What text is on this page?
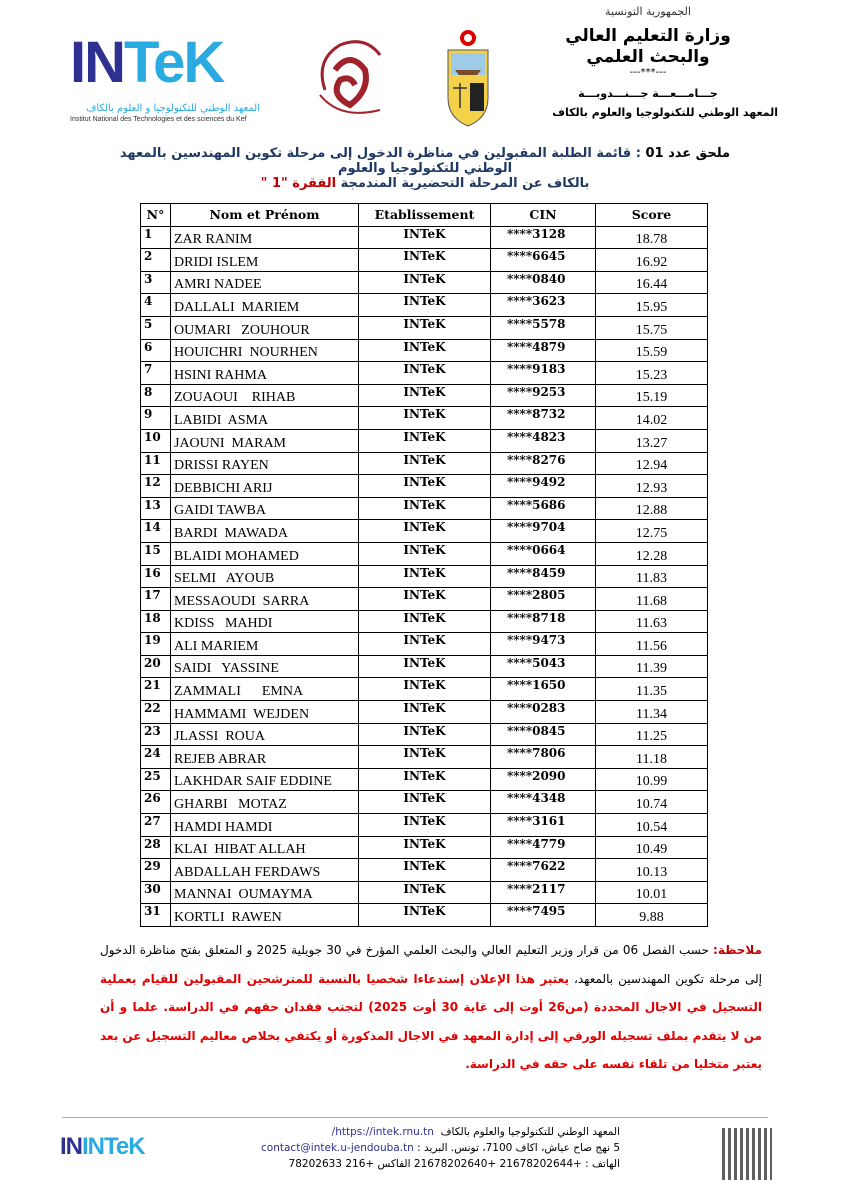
IN TeK
المعهد الوطني للتكنولوجيا و العلوم بالكاف
Institut National des Technologies et des sciences du Kef
الجمهورية التونسية
وزارة التعليم العالي
والبحث العلمي
---***---
جـــامـــعـــة جـــنـــدوبـــة
المعهد الوطني للتكنولوجيا والعلوم بالكاف
ملحق عدد 01 : قائمة الطلبة المقبولين في مناظرة الدخول إلى مرحلة تكوين المهندسين بالمعهد الوطني للتكنولوجيا والعلوم
بالكاف عن المرحلة التحضيرية المندمجة الفقرة "1 "
N°	Nom et Prénom	Etablissement	CIN	Score
1	ZAR RANIM	INTeK	****3128	18.78
2	DRIDI ISLEM	INTeK	****6645	16.92
3	AMRI NADEE	INTeK	****0840	16.44
4	DALLALI  MARIEM	INTeK	****3623	15.95
5	OUMARI   ZOUHOUR	INTeK	****5578	15.75
6	HOUICHRI  NOURHEN	INTeK	****4879	15.59
7	HSINI RAHMA	INTeK	****9183	15.23
8	ZOUAOUI    RIHAB	INTeK	****9253	15.19
9	LABIDI  ASMA	INTeK	****8732	14.02
10	JAOUNI  MARAM	INTeK	****4823	13.27
11	DRISSI RAYEN	INTeK	****8276	12.94
12	DEBBICHI ARIJ	INTeK	****9492	12.93
13	GAIDI TAWBA	INTeK	****5686	12.88
14	BARDI  MAWADA	INTeK	****9704	12.75
15	BLAIDI MOHAMED	INTeK	****0664	12.28
16	SELMI   AYOUB	INTeK	****8459	11.83
17	MESSAOUDI  SARRA	INTeK	****2805	11.68
18	KDISS   MAHDI	INTeK	****8718	11.63
19	ALI MARIEM	INTeK	****9473	11.56
20	SAIDI   YASSINE	INTeK	****5043	11.39
21	ZAMMALI      EMNA	INTeK	****1650	11.35
22	HAMMAMI  WEJDEN	INTeK	****0283	11.34
23	JLASSI  ROUA	INTeK	****0845	11.25
24	REJEB ABRAR	INTeK	****7806	11.18
25	LAKHDAR SAIF EDDINE	INTeK	****2090	10.99
26	GHARBI   MOTAZ	INTeK	****4348	10.74
27	HAMDI HAMDI	INTeK	****3161	10.54
28	KLAI  HIBAT ALLAH	INTeK	****4779	10.49
29	ABDALLAH FERDAWS	INTeK	****7622	10.13
30	MANNAI  OUMAYMA	INTeK	****2117	10.01
31	KORTLI  RAWEN	INTeK	****7495	9.88
ملاحظة: حسب الفصل 06 من قرار وزير التعليم العالي والبحث العلمي المؤرخ في 30 جويلية 2025 و المتعلق بفتح مناظرة الدخول إلى مرحلة تكوين المهندسين بالمعهد، يعتبر هذا الإعلان إستدعاءا شخصيا بالنسبة للمترشحين المقبولين للقيام بعملية التسجيل في الاجال المحددة (من26 أوت إلى غاية 30 أوت 2025) لتجنب فقدان حقهم في الدراسة. علما و أن من لا يتقدم بملف تسجيله الورقي إلى إدارة المعهد في الاجال المذكورة أو يكتفي بخلاص معاليم التسجيل عن بعد يعتبر متخليا من تلقاء نفسه على حقه في الدراسة.
المعهد الوطني للتكنولوجيا والعلوم بالكاف  https://intek.rnu.tn/
5 نهج صاح عياش، اكاف 7100، تونس. البريد : contact@intek.u-jendouba.tn
الهاتف : +21678202644 +21678202640 الفاكس +216 78202633
ININTeK
